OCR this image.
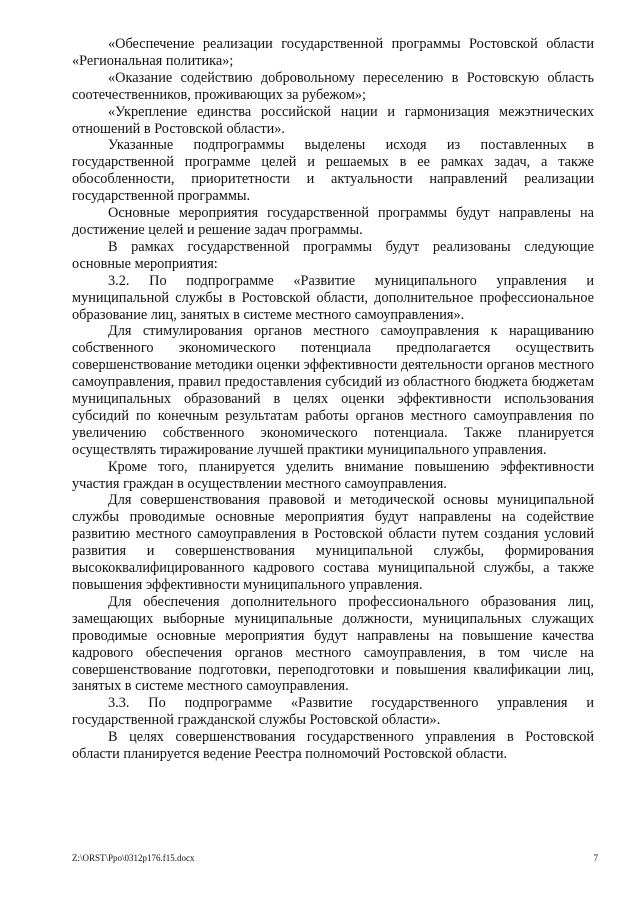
«Обеспечение реализации государственной программы Ростовской области «Региональная политика»;

«Оказание содействию добровольному переселению в Ростовскую область соотечественников, проживающих за рубежом»;

«Укрепление единства российской нации и гармонизация межэтнических отношений в Ростовской области».

Указанные подпрограммы выделены исходя из поставленных в государственной программе целей и решаемых в ее рамках задач, а также обособленности, приоритетности и актуальности направлений реализации государственной программы.

Основные мероприятия государственной программы будут направлены на достижение целей и решение задач программы.

В рамках государственной программы будут реализованы следующие основные мероприятия:

3.2. По подпрограмме «Развитие муниципального управления и муниципальной службы в Ростовской области, дополнительное профессиональное образование лиц, занятых в системе местного самоуправления».

Для стимулирования органов местного самоуправления к наращиванию собственного экономического потенциала предполагается осуществить совершенствование методики оценки эффективности деятельности органов местного самоуправления, правил предоставления субсидий из областного бюджета бюджетам муниципальных образований в целях оценки эффективности использования субсидий по конечным результатам работы органов местного самоуправления по увеличению собственного экономического потенциала. Также планируется осуществлять тиражирование лучшей практики муниципального управления.

Кроме того, планируется уделить внимание повышению эффективности участия граждан в осуществлении местного самоуправления.

Для совершенствования правовой и методической основы муниципальной службы проводимые основные мероприятия будут направлены на содействие развитию местного самоуправления в Ростовской области путем создания условий развития и совершенствования муниципальной службы, формирования высококвалифицированного кадрового состава муниципальной службы, а также повышения эффективности муниципального управления.

Для обеспечения дополнительного профессионального образования лиц, замещающих выборные муниципальные должности, муниципальных служащих проводимые основные мероприятия будут направлены на повышение качества кадрового обеспечения органов местного самоуправления, в том числе на совершенствование подготовки, переподготовки и повышения квалификации лиц, занятых в системе местного самоуправления.

3.3. По подпрограмме «Развитие государственного управления и государственной гражданской службы Ростовской области».

В целях совершенствования государственного управления в Ростовской области планируется ведение Реестра полномочий Ростовской области.

Z:\ORST\Ppo\0312p176.f15.docx	7
